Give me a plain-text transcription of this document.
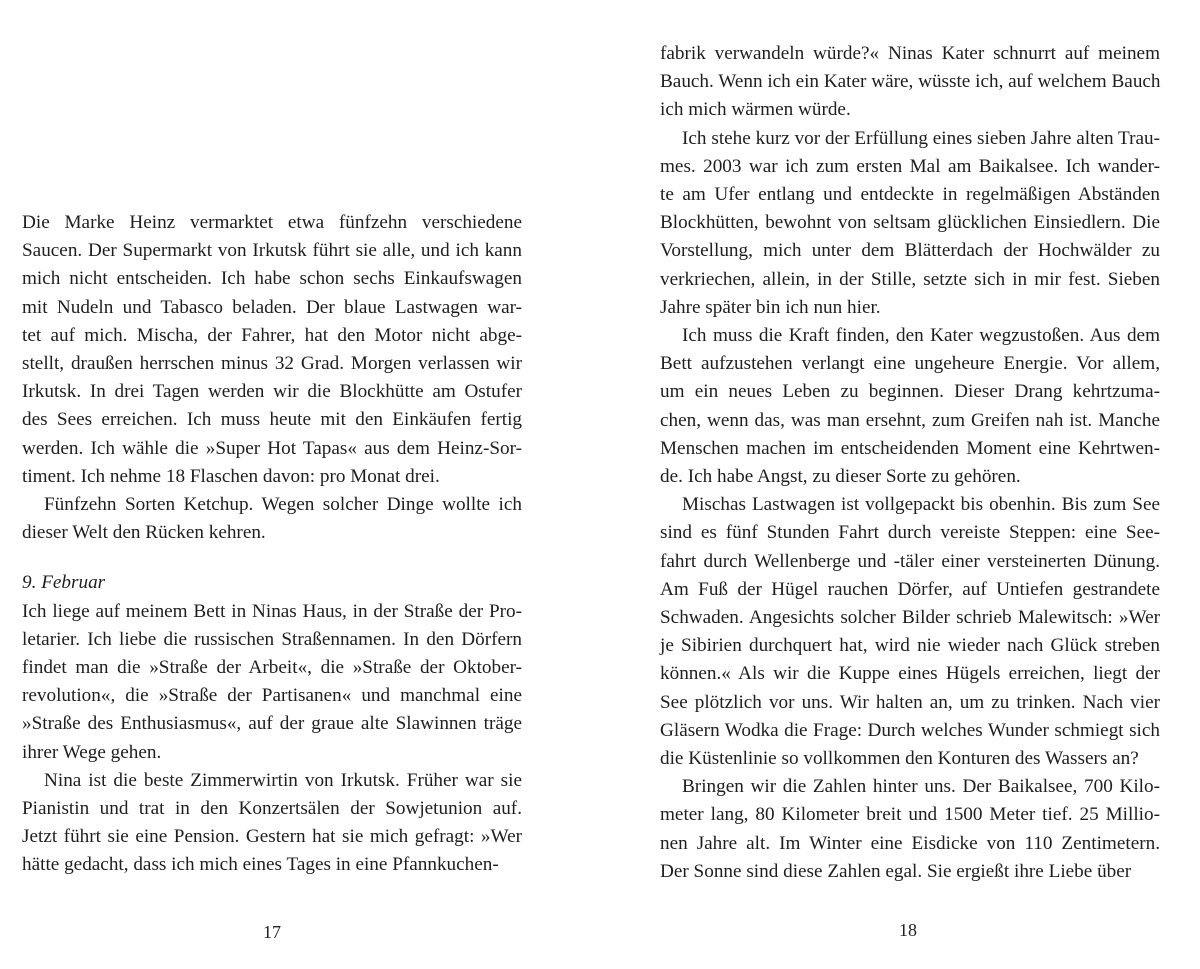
Die Marke Heinz vermarktet etwa fünfzehn verschiedene
Saucen. Der Supermarkt von Irkutsk führt sie alle, und ich kann
mich nicht entscheiden. Ich habe schon sechs Einkaufswagen
mit Nudeln und Tabasco beladen. Der blaue Lastwagen war-
tet auf mich. Mischa, der Fahrer, hat den Motor nicht abge-
stellt, draußen herrschen minus 32 Grad. Morgen verlassen wir
Irkutsk. In drei Tagen werden wir die Blockhütte am Ostufer
des Sees erreichen. Ich muss heute mit den Einkäufen fertig
werden. Ich wähle die »Super Hot Tapas« aus dem Heinz-Sor-
timent. Ich nehme 18 Flaschen davon: pro Monat drei.
Fünfzehn Sorten Ketchup. Wegen solcher Dinge wollte ich
dieser Welt den Rücken kehren.
9. Februar
Ich liege auf meinem Bett in Ninas Haus, in der Straße der Pro-
letarier. Ich liebe die russischen Straßennamen. In den Dörfern
findet man die »Straße der Arbeit«, die »Straße der Oktober-
revolution«, die »Straße der Partisanen« und manchmal eine
»Straße des Enthusiasmus«, auf der graue alte Slawinnen träge
ihrer Wege gehen.
Nina ist die beste Zimmerwirtin von Irkutsk. Früher war sie
Pianistin und trat in den Konzertsälen der Sowjetunion auf.
Jetzt führt sie eine Pension. Gestern hat sie mich gefragt: »Wer
hätte gedacht, dass ich mich eines Tages in eine Pfannkuchen-
fabrik verwandeln würde?« Ninas Kater schnurrt auf meinem
Bauch. Wenn ich ein Kater wäre, wüsste ich, auf welchem Bauch
ich mich wärmen würde.
Ich stehe kurz vor der Erfüllung eines sieben Jahre alten Trau-
mes. 2003 war ich zum ersten Mal am Baikalsee. Ich wander-
te am Ufer entlang und entdeckte in regelmäßigen Abständen
Blockhütten, bewohnt von seltsam glücklichen Einsiedlern. Die
Vorstellung, mich unter dem Blätterdach der Hochwälder zu
verkriechen, allein, in der Stille, setzte sich in mir fest. Sieben
Jahre später bin ich nun hier.
Ich muss die Kraft finden, den Kater wegzustoßen. Aus dem
Bett aufzustehen verlangt eine ungeheure Energie. Vor allem,
um ein neues Leben zu beginnen. Dieser Drang kehrtzuma-
chen, wenn das, was man ersehnt, zum Greifen nah ist. Manche
Menschen machen im entscheidenden Moment eine Kehrtwen-
de. Ich habe Angst, zu dieser Sorte zu gehören.
Mischas Lastwagen ist vollgepackt bis obenhin. Bis zum See
sind es fünf Stunden Fahrt durch vereiste Steppen: eine See-
fahrt durch Wellenberge und -täler einer versteinerten Dünung.
Am Fuß der Hügel rauchen Dörfer, auf Untiefen gestrandete
Schwaden. Angesichts solcher Bilder schrieb Malewitsch: »Wer
je Sibirien durchquert hat, wird nie wieder nach Glück streben
können.« Als wir die Kuppe eines Hügels erreichen, liegt der
See plötzlich vor uns. Wir halten an, um zu trinken. Nach vier
Gläsern Wodka die Frage: Durch welches Wunder schmiegt sich
die Küstenlinie so vollkommen den Konturen des Wassers an?
Bringen wir die Zahlen hinter uns. Der Baikalsee, 700 Kilo-
meter lang, 80 Kilometer breit und 1500 Meter tief. 25 Millio-
nen Jahre alt. Im Winter eine Eisdicke von 110 Zentimetern.
Der Sonne sind diese Zahlen egal. Sie ergießt ihre Liebe über
17	18
